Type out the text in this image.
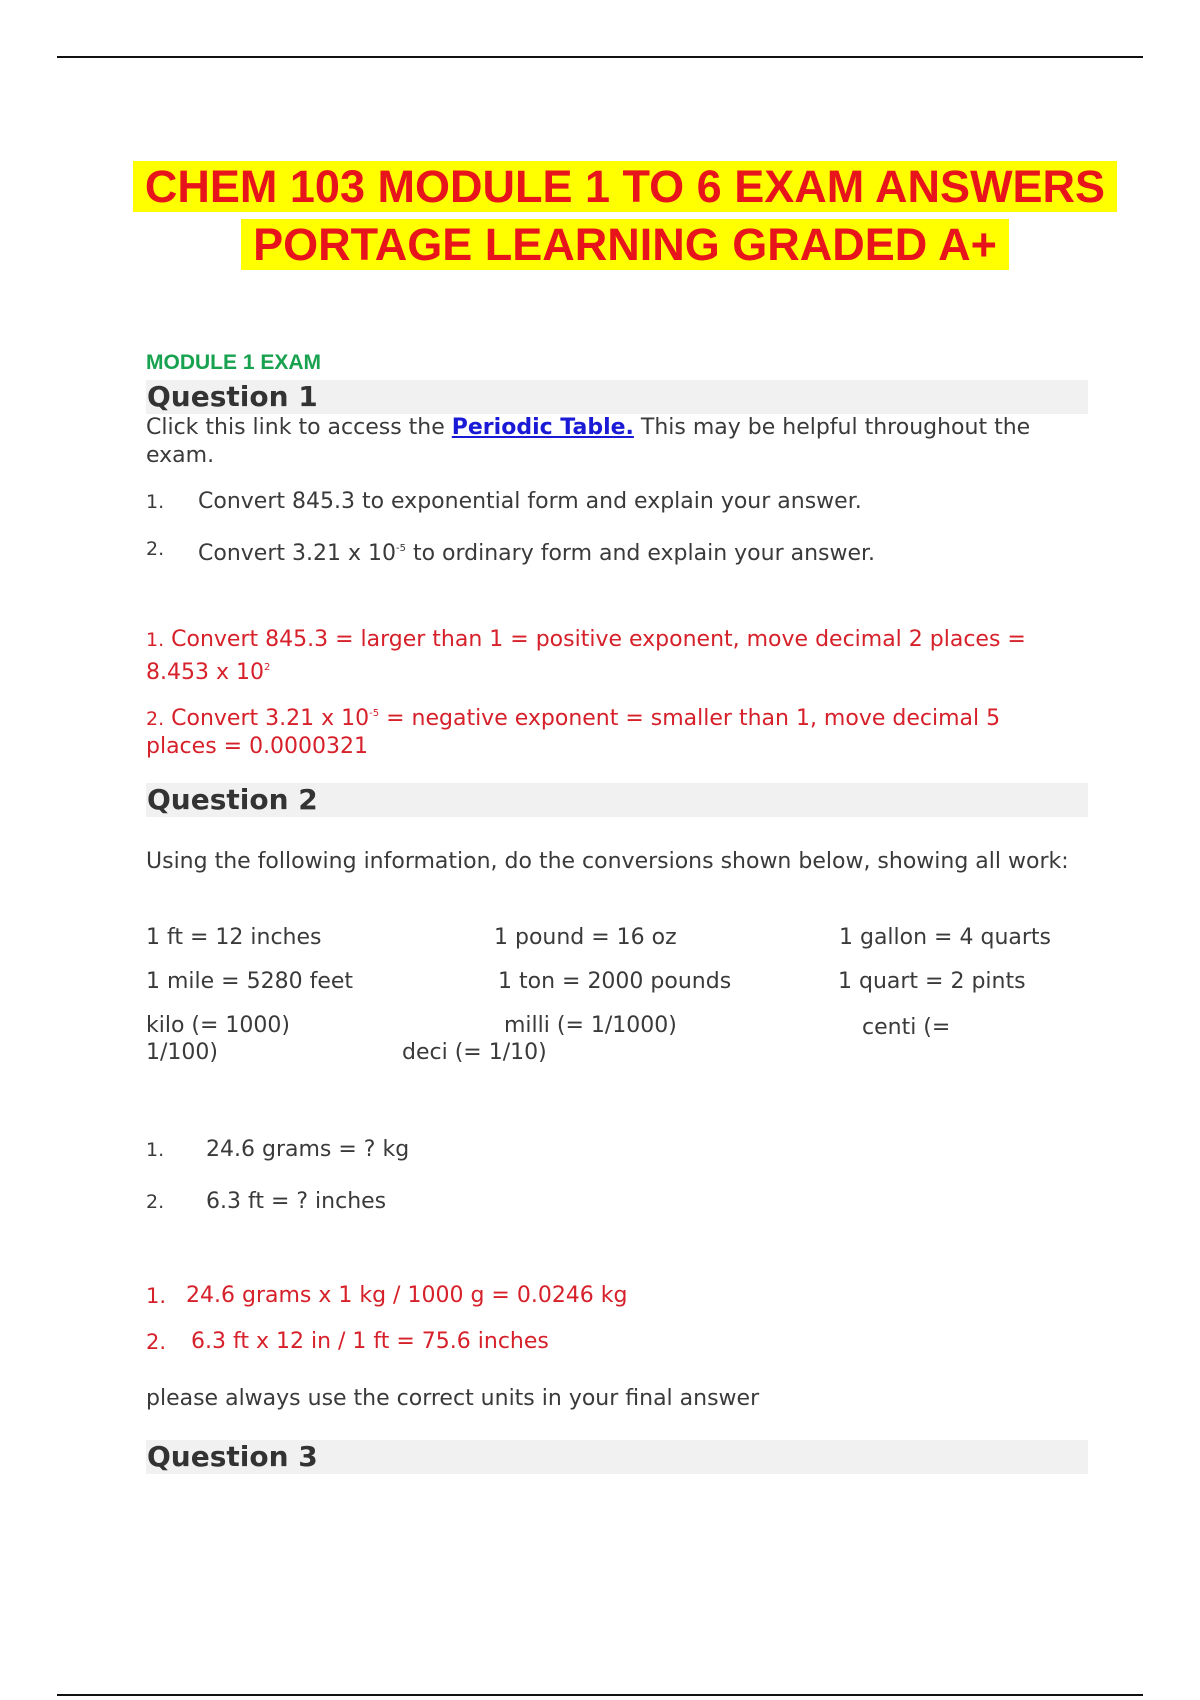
CHEM 103 MODULE 1 TO 6 EXAM ANSWERS
PORTAGE LEARNING GRADED A+
MODULE 1 EXAM
Question 1
Click this link to access the Periodic Table. This may be helpful throughout the exam.
1. Convert 845.3 to exponential form and explain your answer.
2. Convert 3.21 x $10^{-5}$ to ordinary form and explain your answer.
1. Convert 845.3 = larger than 1 = positive exponent, move decimal 2 places = 8.453 x $10^2$
2. Convert 3.21 x $10^{-5}$ = negative exponent = smaller than 1, move decimal 5 places = 0.0000321
Question 2
Using the following information, do the conversions shown below, showing all work:
1 ft = 12 inches	1 pound = 16 oz	1 gallon = 4 quarts
1 mile = 5280 feet	1 ton = 2000 pounds	1 quart = 2 pints
kilo (= 1000)	milli (= 1/1000)	centi (=
1/100)	deci (= 1/10)
1. 24.6 grams = ? kg
2. 6.3 ft = ? inches
1. 24.6 grams x 1 kg / 1000 g = 0.0246 kg
2. 6.3 ft x 12 in / 1 ft = 75.6 inches
please always use the correct units in your final answer
Question 3
